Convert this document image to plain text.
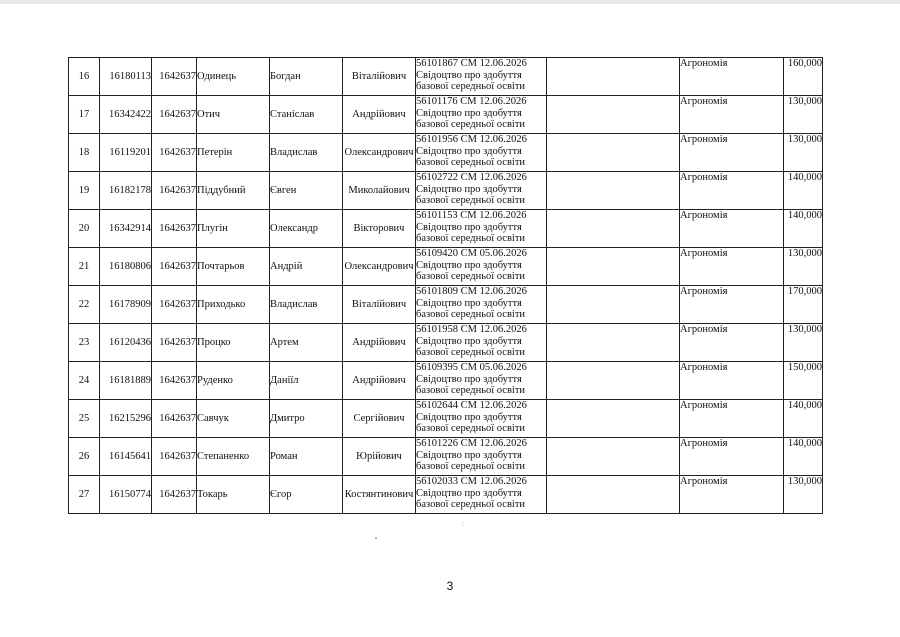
16	16180113	1642637	Одинець	Богдан	Віталійович	56101867 СМ 12.06.2026
Свідоцтво про здобуття
базової середньої освіти		Агрономія	160,000
17	16342422	1642637	Отич	Станіслав	Андрійович	56101176 СМ 12.06.2026
Свідоцтво про здобуття
базової середньої освіти		Агрономія	130,000
18	16119201	1642637	Петерін	Владислав	Олександрович	56101956 СМ 12.06.2026
Свідоцтво про здобуття
базової середньої освіти		Агрономія	130,000
19	16182178	1642637	Піддубний	Євген	Миколайович	56102722 СМ 12.06.2026
Свідоцтво про здобуття
базової середньої освіти		Агрономія	140,000
20	16342914	1642637	Плугін	Олександр	Вікторович	56101153 СМ 12.06.2026
Свідоцтво про здобуття
базової середньої освіти		Агрономія	140,000
21	16180806	1642637	Почтарьов	Андрій	Олександрович	56109420 СМ 05.06.2026
Свідоцтво про здобуття
базової середньої освіти		Агрономія	130,000
22	16178909	1642637	Приходько	Владислав	Віталійович	56101809 СМ 12.06.2026
Свідоцтво про здобуття
базової середньої освіти		Агрономія	170,000
23	16120436	1642637	Процко	Артем	Андрійович	56101958 СМ 12.06.2026
Свідоцтво про здобуття
базової середньої освіти		Агрономія	130,000
24	16181889	1642637	Руденко	Даніїл	Андрійович	56109395 СМ 05.06.2026
Свідоцтво про здобуття
базової середньої освіти		Агрономія	150,000
25	16215296	1642637	Савчук	Дмитро	Сергійович	56102644 СМ 12.06.2026
Свідоцтво про здобуття
базової середньої освіти		Агрономія	140,000
26	16145641	1642637	Степаненко	Роман	Юрійович	56101226 СМ 12.06.2026
Свідоцтво про здобуття
базової середньої освіти		Агрономія	140,000
27	16150774	1642637	Токарь	Єгор	Костянтинович	56102033 СМ 12.06.2026
Свідоцтво про здобуття
базової середньої освіти		Агрономія	130,000
⁖
3
